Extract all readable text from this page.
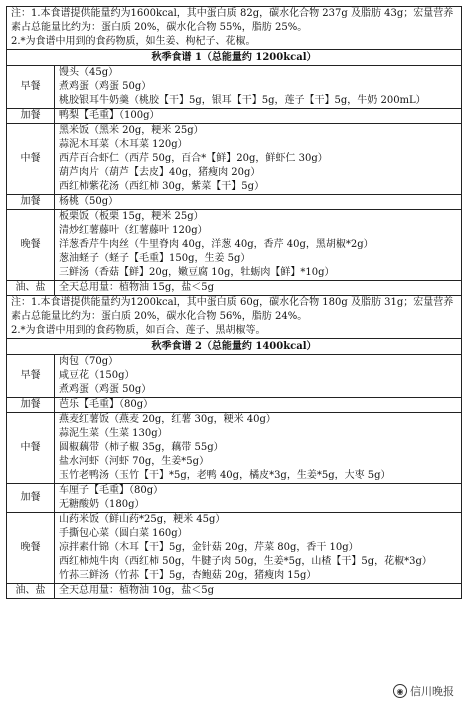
注：1.本食谱提供能量约为1600kcal，其中蛋白质 82g，碳水化合物 237g 及脂肪 43g；宏量营养素占总能量比约为：蛋白质 20%，碳水化合物 55%，脂肪 25%。
2.*为食谱中用到的食药物质，如生姜、枸杞子、花椒。	

秋季食谱 1（总能量约 1200kcal）	
早餐	馒头（45g）
煮鸡蛋（鸡蛋 50g）
桃胶银耳牛奶羹（桃胶【干】5g，银耳【干】5g，莲子【干】5g，牛奶 200mL）

加餐	鸭梨【毛重】（100g）

中餐	黑米饭（黑米 20g，粳米 25g）
蒜泥木耳菜（木耳菜 120g）
西芹百合虾仁（西芹 50g，百合*【鲜】20g，鲜虾仁 30g）
葫芦肉片（葫芦【去皮】40g，猪瘦肉 20g）
西红柿紫花汤（西红柿 30g，紫菜【干】5g）

加餐	杨桃（50g）

晚餐	板栗饭（板栗 15g，粳米 25g）
清炒红薯藤叶（红薯藤叶 120g）
洋葱香芹牛肉丝（牛里脊肉 40g，洋葱 40g，香芹 40g，黑胡椒*2g）
葱油蛏子（蛏子【毛重】150g，生姜 5g）
三鲜汤（香菇【鲜】20g，嫩豆腐 10g，牡蛎肉【鲜】*10g）

油、盐	全天总用量：植物油 15g，盐＜5g

注：1.本食谱提供能量约为1200kcal，其中蛋白质 60g，碳水化合物 180g 及脂肪 31g；宏量营养素占总能量比约为：蛋白质 20%，碳水化合物 56%，脂肪 24%。
2.*为食谱中用到的食药物质，如百合、莲子、黑胡椒等。	

秋季食谱 2（总能量约 1400kcal）	
早餐	肉包（70g）
咸豆花（150g）
煮鸡蛋（鸡蛋 50g）

加餐	芭乐【毛重】（80g）

中餐	燕麦红薯饭（燕麦 20g，红薯 30g，粳米 40g）
蒜泥生菜（生菜 130g）
圆椒藕带（柿子椒 35g，藕带 55g）
盐水河虾（河虾 70g，生姜*5g）
玉竹老鸭汤（玉竹【干】*5g，老鸭 40g，橘皮*3g，生姜*5g，大枣 5g）

加餐	车厘子【毛重】（80g）
无糖酸奶（180g）

晚餐	山药米饭（鲜山药*25g，粳米 45g）
手撕包心菜（圆白菜 160g）
凉拌素什锦（木耳【干】5g，金针菇 20g，芹菜 80g，香干 10g）
西红柿炖牛肉（西红柿 50g，牛腱子肉 50g，生姜*5g，山楂【干】5g，花椒*3g）
竹荪三鲜汤（竹荪【干】5g，杏鲍菇 20g，猪瘦肉 15g）

油、盐	全天总用量：植物油 10g，盐＜5g
◉ 信川晚报
